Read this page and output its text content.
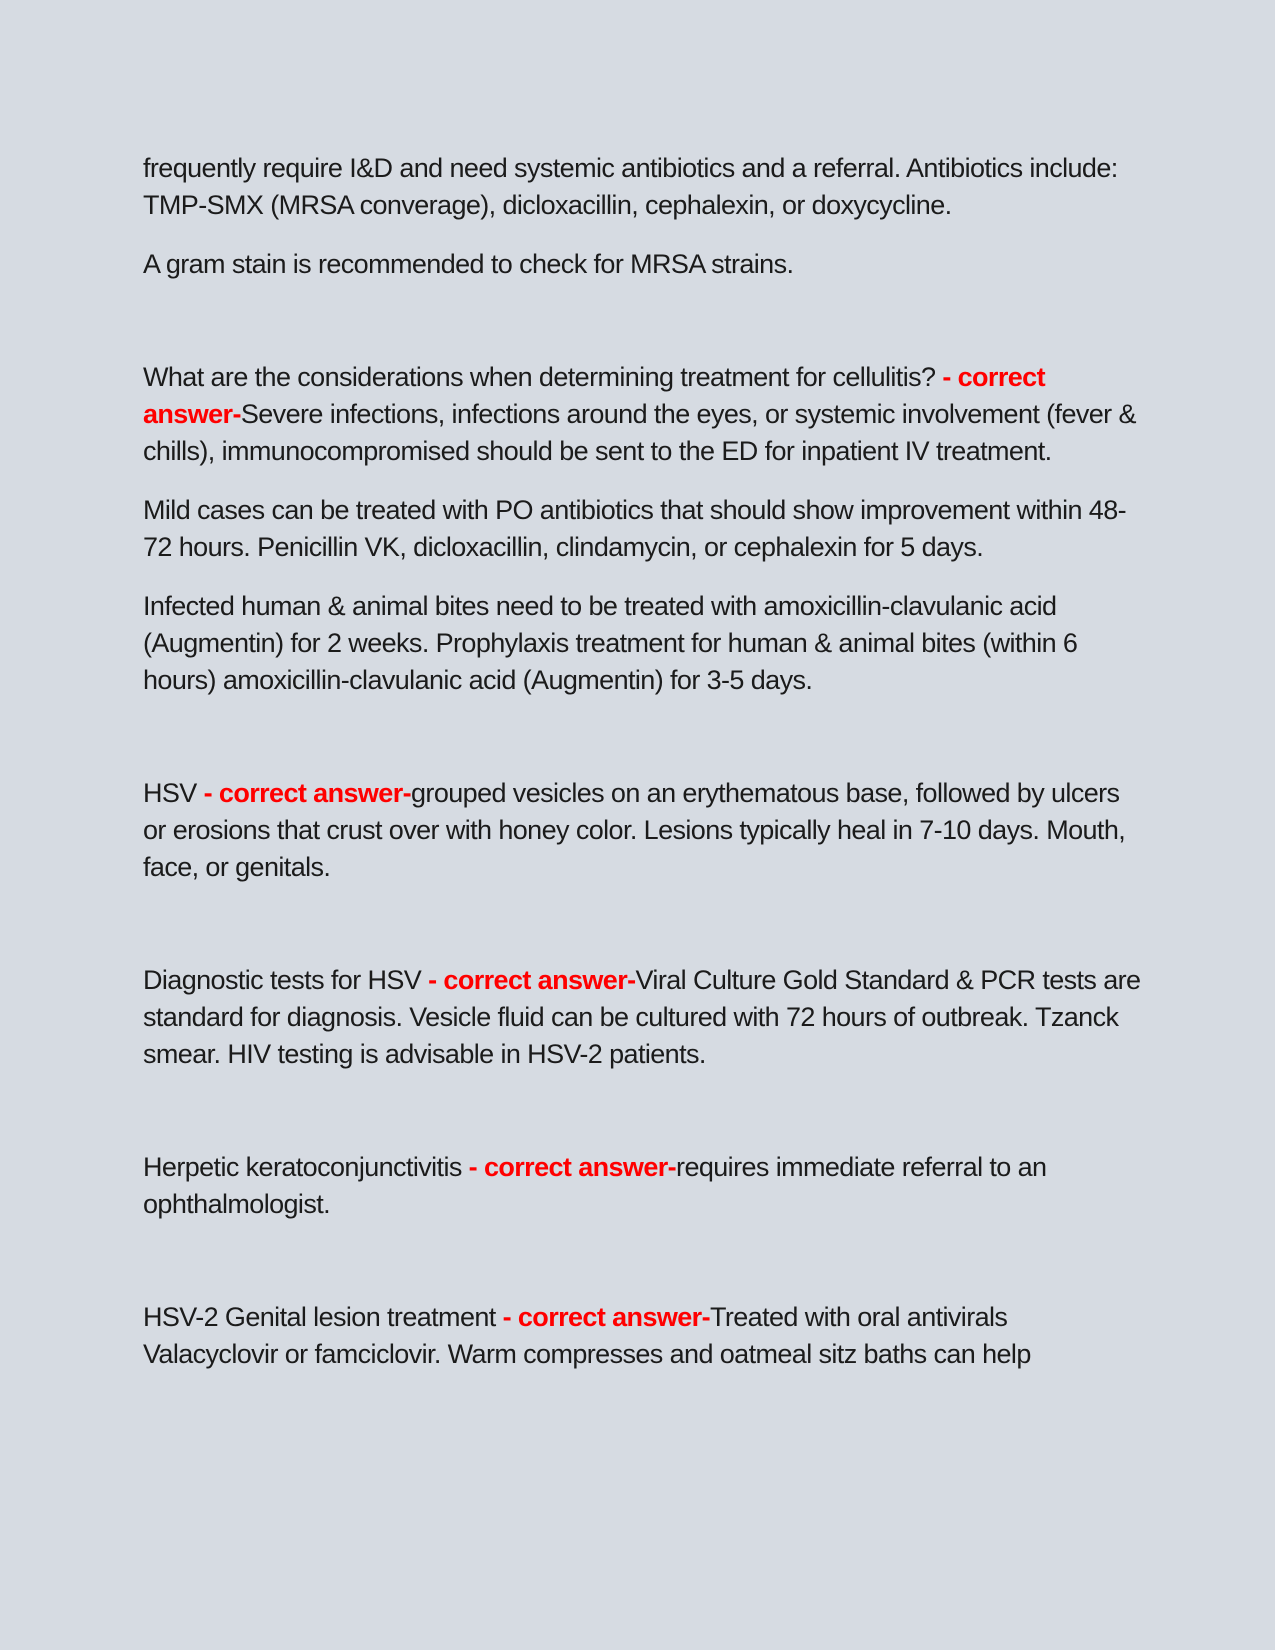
frequently require I&D and need systemic antibiotics and a referral. Antibiotics include: TMP-SMX (MRSA converage), dicloxacillin, cephalexin, or doxycycline.

A gram stain is recommended to check for MRSA strains.

What are the considerations when determining treatment for cellulitis? - correct answer-Severe infections, infections around the eyes, or systemic involvement (fever & chills), immunocompromised should be sent to the ED for inpatient IV treatment.

Mild cases can be treated with PO antibiotics that should show improvement within 48-72 hours. Penicillin VK, dicloxacillin, clindamycin, or cephalexin for 5 days.

Infected human & animal bites need to be treated with amoxicillin-clavulanic acid (Augmentin) for 2 weeks. Prophylaxis treatment for human & animal bites (within 6 hours) amoxicillin-clavulanic acid (Augmentin) for 3-5 days.

HSV - correct answer-grouped vesicles on an erythematous base, followed by ulcers or erosions that crust over with honey color. Lesions typically heal in 7-10 days. Mouth, face, or genitals.

Diagnostic tests for HSV - correct answer-Viral Culture Gold Standard & PCR tests are standard for diagnosis. Vesicle fluid can be cultured with 72 hours of outbreak. Tzanck smear. HIV testing is advisable in HSV-2 patients.

Herpetic keratoconjunctivitis - correct answer-requires immediate referral to an ophthalmologist.

HSV-2 Genital lesion treatment - correct answer-Treated with oral antivirals Valacyclovir or famciclovir. Warm compresses and oatmeal sitz baths can help
